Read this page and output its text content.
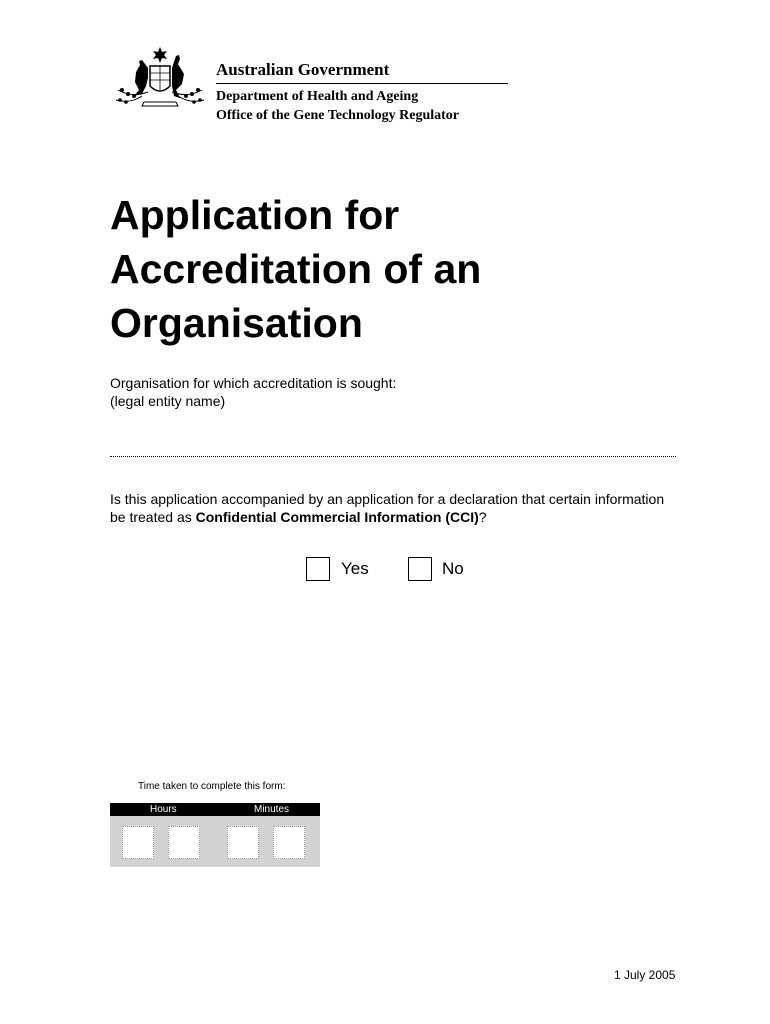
Australian Government
Department of Health and Ageing
Office of the Gene Technology Regulator
Application for
Accreditation of an
Organisation
Organisation for which accreditation is sought:
(legal entity name)
Is this application accompanied by an application for a declaration that certain information be treated as Confidential Commercial Information (CCI)?
Yes	No
Time taken to complete this form:
Hours	Minutes
1 July 2005
